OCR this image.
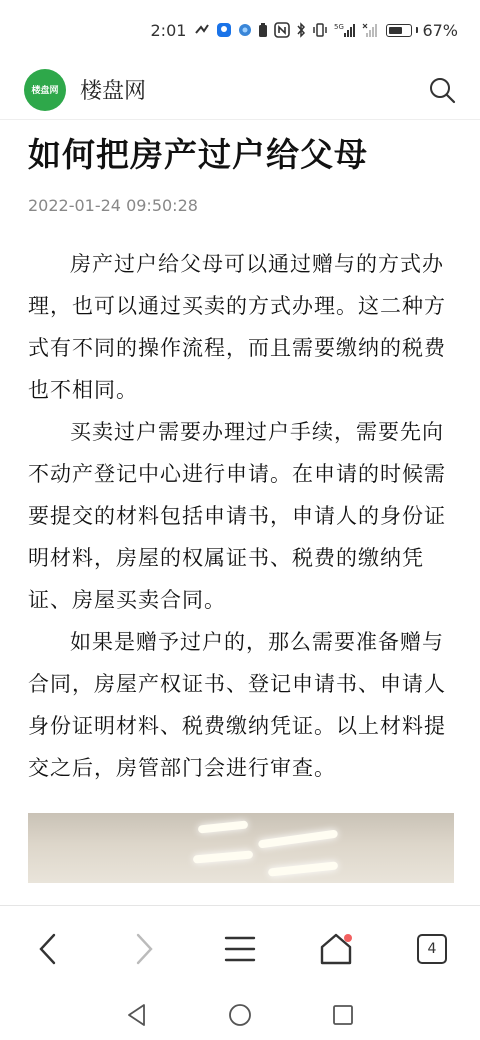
2:01	5G	67%
楼盘网 楼盘网
如何把房产过户给父母
2022-01-24 09:50:28

房产过户给父母可以通过赠与的方式办理，也可以通过买卖的方式办理。这二种方式有不同的操作流程，而且需要缴纳的税费也不相同。

买卖过户需要办理过户手续，需要先向不动产登记中心进行申请。在申请的时候需要提交的材料包括申请书，申请人的身份证明材料，房屋的权属证书、税费的缴纳凭证、房屋买卖合同。

如果是赠予过户的，那么需要准备赠与合同，房屋产权证书、登记申请书、申请人身份证明材料、税费缴纳凭证。以上材料提交之后，房管部门会进行审查。

4
